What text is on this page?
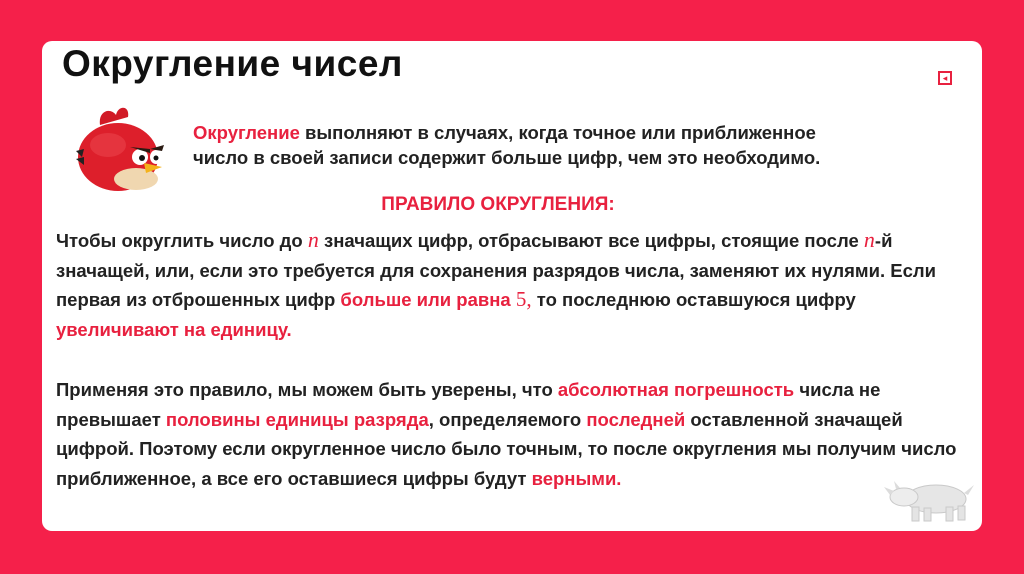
Округление чисел	◂
Округление выполняют в случаях, когда точное или приближенное
число в своей записи содержит больше цифр, чем это необходимо.
ПРАВИЛО ОКРУГЛЕНИЯ:
Чтобы округлить число до n значащих цифр, отбрасывают все цифры, стоящие после n-й значащей, или, если это требуется для сохранения разрядов числа, заменяют их нулями. Если первая из отброшенных цифр больше или равна 5, то последнюю оставшуюся цифру увеличивают на единицу.
Применяя это правило, мы можем быть уверены, что абсолютная погрешность числа не превышает половины единицы разряда, определяемого последней оставленной значащей цифрой. Поэтому если округленное число было точным, то после округления мы получим число приближенное, а все его оставшиеся цифры будут верными.
